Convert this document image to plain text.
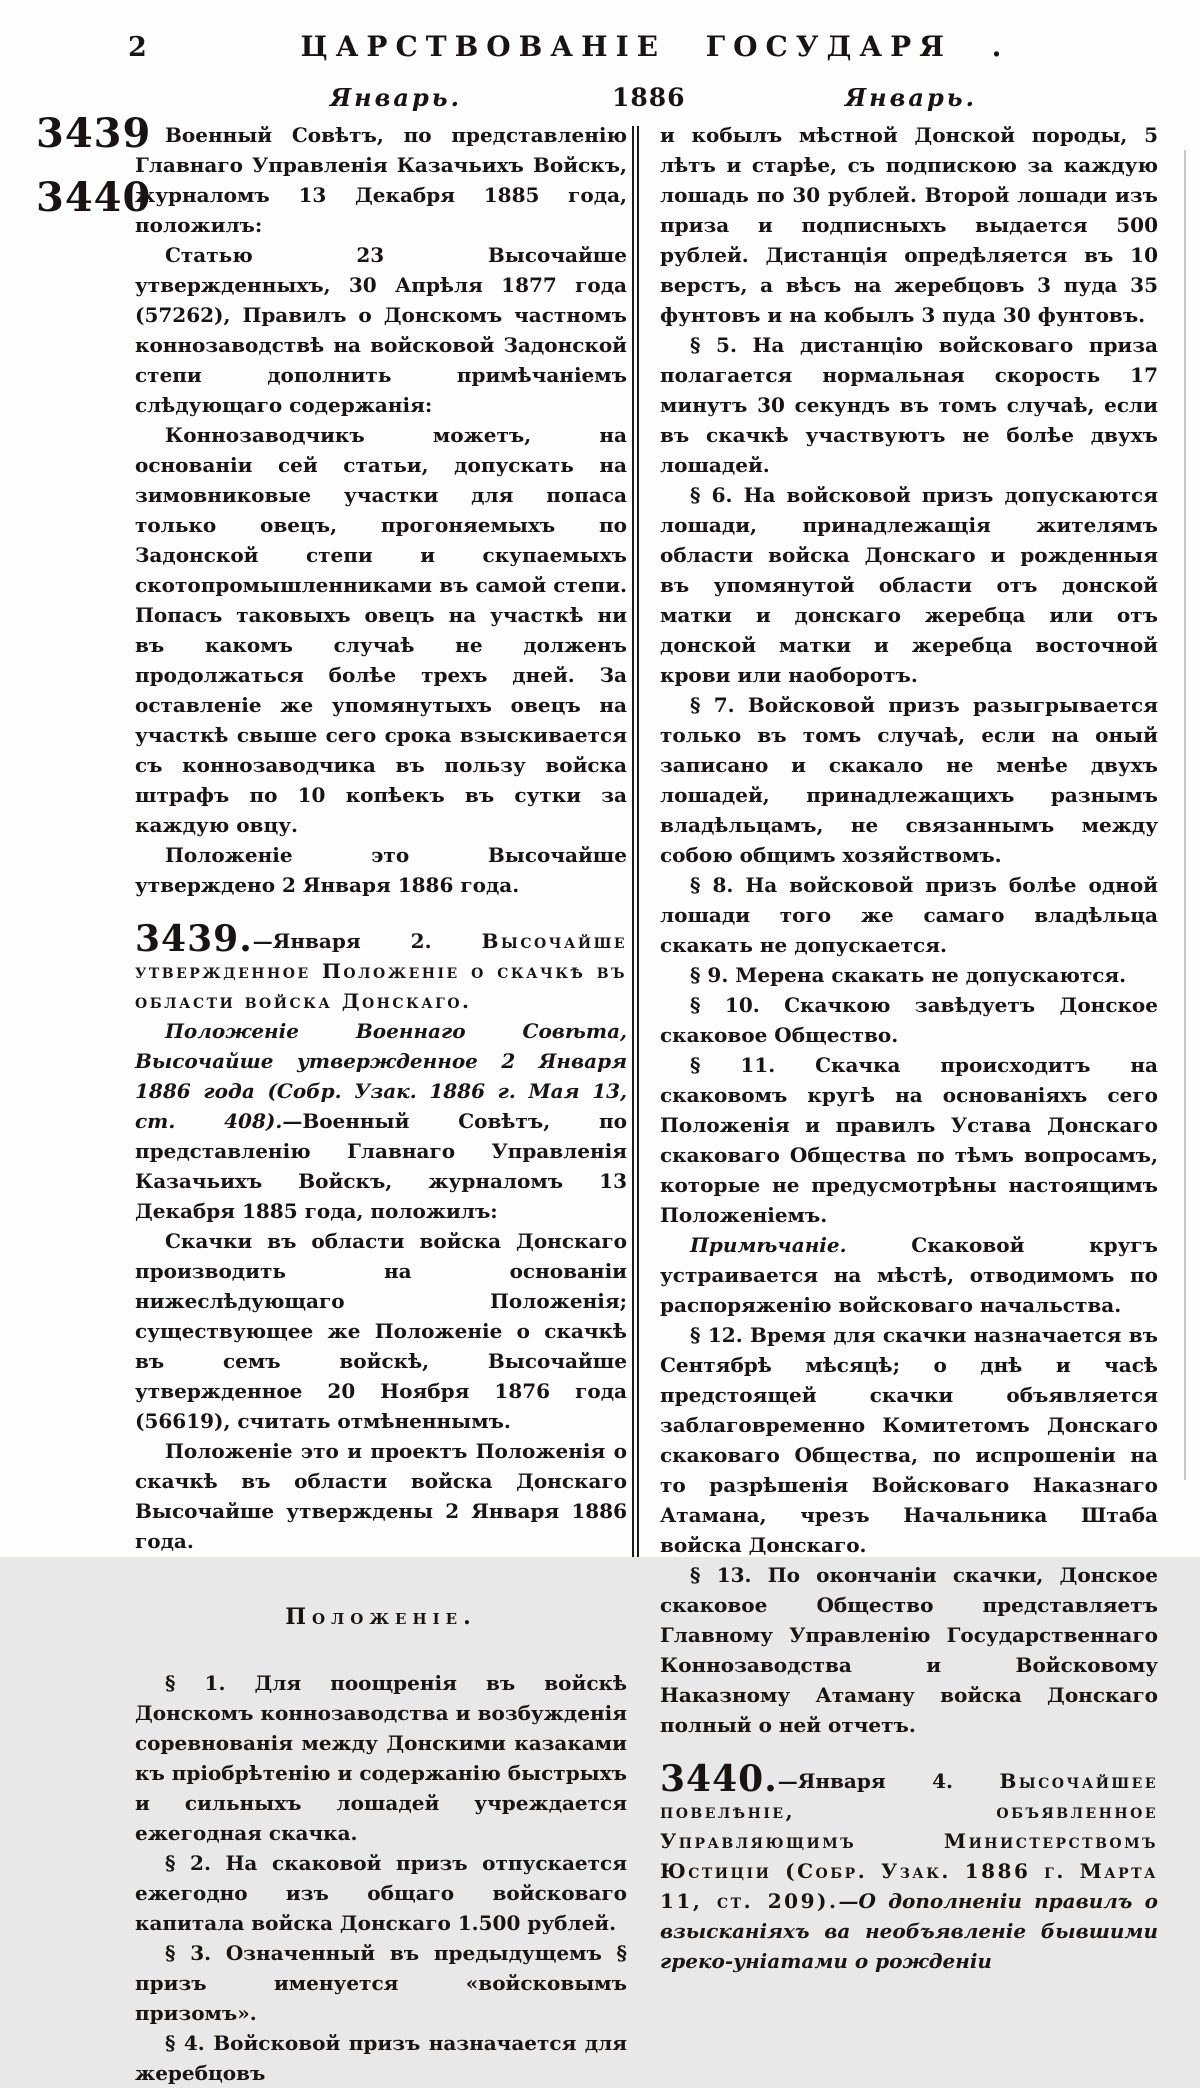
2	ЦАРСТВОВАНІЕ ГОСУДАРЯ .
Январь.	1886	Январь.
3439
3440

Военный Совѣтъ, по представленію Главнаго Управленія Казачьихъ Войскъ, журналомъ 13 Декабря 1885 года, положилъ:

Статью 23 Высочайше утвержденныхъ, 30 Апрѣля 1877 года (57262), Правилъ о Донскомъ частномъ коннозаводствѣ на войсковой Задонской степи дополнить примѣчаніемъ слѣдующаго содержанія:

Коннозаводчикъ можетъ, на основаніи сей статьи, допускать на зимовниковые участки для попаса только овецъ, прогоняемыхъ по Задонской степи и скупаемыхъ скотопромышленниками въ самой степи. Попасъ таковыхъ овецъ на участкѣ ни въ какомъ случаѣ не долженъ продолжаться болѣе трехъ дней. За оставленіе же упомянутыхъ овецъ на участкѣ свыше сего срока взыскивается съ коннозаводчика въ пользу войска штрафъ по 10 копѣекъ въ сутки за каждую овцу.

Положеніе это Высочайше утверждено 2 Января 1886 года.

3439.—Января 2.	Высочайше утвержденное Положеніе о скачкѣ въ области войска Донскаго.

Положеніе Военнаго Совѣта, Высочайше утвержденное 2 Января 1886 года (Собр. Узак. 1886 г. Мая 13, ст. 408).—Военный Совѣтъ, по представленію Главнаго Управленія Казачьихъ Войскъ, журналомъ 13 Декабря 1885 года, положилъ:

Скачки въ области войска Донскаго производить на основаніи нижеслѣдующаго Положенія; существующее же Положеніе о скачкѣ въ семъ войскѣ, Высочайше утвержденное 20 Ноября 1876 года (56619), считать отмѣненнымъ.

Положеніе это и проектъ Положенія о скачкѣ въ области войска Донскаго Высочайше утверждены 2 Января 1886 года.

Положеніе.

§ 1. Для поощренія въ войскѣ Донскомъ коннозаводства и возбужденія соревнованія между Донскими казаками къ пріобрѣтенію и содержанію быстрыхъ и сильныхъ лошадей учреждается ежегодная скачка.

§ 2. На скаковой призъ отпускается ежегодно изъ общаго войсковаго капитала войска Донскаго 1.500 рублей.

§ 3. Означенный въ предыдущемъ § призъ именуется «войсковымъ призомъ».

§ 4. Войсковой призъ назначается для жеребцовъ

и кобылъ мѣстной Донской породы, 5 лѣтъ и старѣе, съ подпискою за каждую лошадь по 30 рублей. Второй лошади изъ приза и подписныхъ выдается 500 рублей. Дистанція опредѣляется въ 10 верстъ, а вѣсъ на жеребцовъ 3 пуда 35 фунтовъ и на кобылъ 3 пуда 30 фунтовъ.

§ 5. На дистанцію войсковаго приза полагается нормальная скорость 17 минутъ 30 секундъ въ томъ случаѣ, если въ скачкѣ участвуютъ не болѣе двухъ лошадей.

§ 6. На войсковой призъ допускаются лошади, принадлежащія жителямъ области войска Донскаго и рожденныя въ упомянутой области отъ донской матки и донскаго жеребца или отъ донской матки и жеребца восточной крови или наоборотъ.

§ 7. Войсковой призъ разыгрывается только въ томъ случаѣ, если на оный записано и скакало не менѣе двухъ лошадей, принадлежащихъ разнымъ владѣльцамъ, не связаннымъ между собою общимъ хозяйствомъ.

§ 8. На войсковой призъ болѣе одной лошади того же самаго владѣльца скакать не допускается.

§ 9. Мерена скакать не допускаются.

§ 10. Скачкою завѣдуетъ Донское скаковое Общество.

§ 11. Скачка происходитъ на скаковомъ кругѣ на основаніяхъ сего Положенія и правилъ Устава Донскаго скаковаго Общества по тѣмъ вопросамъ, которые не предусмотрѣны настоящимъ Положеніемъ.

Примѣчаніе.	Скаковой кругъ устраивается на мѣстѣ, отводимомъ по распоряженію войсковаго начальства.

§ 12. Время для скачки назначается въ Сентябрѣ мѣсяцѣ; о днѣ и часѣ предстоящей скачки объявляется заблаговременно Комитетомъ Донскаго скаковаго Общества, по испрошеніи на то разрѣшенія Войсковаго Наказнаго Атамана, чрезъ Начальника Штаба войска Донскаго.

§ 13. По окончаніи скачки, Донское скаковое Общество представляетъ Главному Управленію Государственнаго Коннозаводства и Войсковому Наказному Атаману войска Донскаго полный о ней отчетъ.

3440.—Января 4. Высочайшее повелѣніе, объявленное Управляющимъ Министерствомъ Юстиціи (Собр. Узак. 1886 г. Марта 11, ст. 209).—О дополненіи правилъ о взысканіяхъ ва необъявленіе бывшими греко-уніатами о рожденіи
